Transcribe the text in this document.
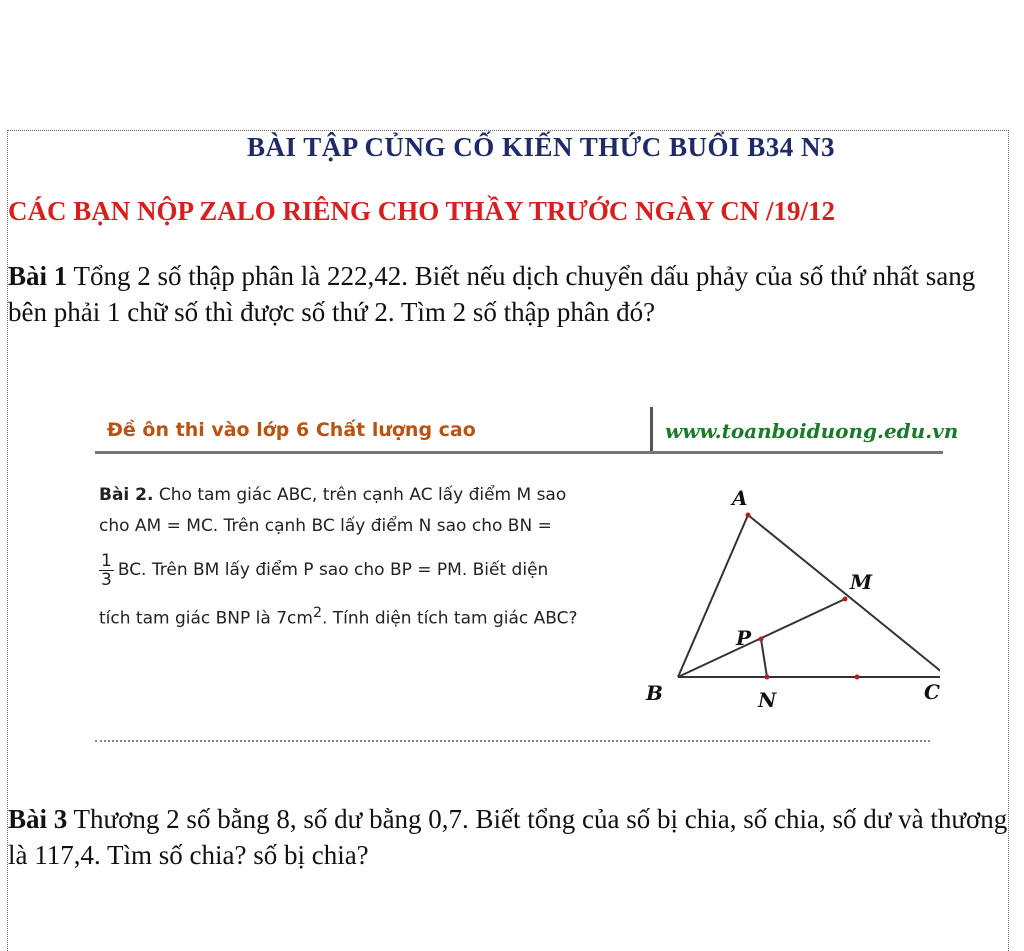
BÀI TẬP CỦNG CỐ KIẾN THỨC BUỔI B34 N3
CÁC BẠN NỘP ZALO RIÊNG CHO THẦY TRƯỚC NGÀY CN /19/12
Bài 1 Tổng 2 số thập phân là 222,42. Biết nếu dịch chuyển dấu phảy của số thứ nhất sang bên phải 1 chữ số thì được số thứ 2. Tìm 2 số thập phân đó?
Đề ôn thi vào lớp 6 Chất lượng cao	www.toanboiduong.edu.vn
Bài 2. Cho tam giác ABC, trên cạnh AC lấy điểm M sao
cho AM = MC. Trên cạnh BC lấy điểm N sao cho BN =
$\frac{1}{3}$ BC. Trên BM lấy điểm P sao cho BP = PM. Biết diện
tích tam giác BNP là $7cm^2$. Tính diện tích tam giác ABC?
A
M
P
B	N	C
Bài 3 Thương 2 số bằng 8, số dư bằng 0,7. Biết tổng của số bị chia, số chia, số dư và thương là 117,4. Tìm số chia? số bị chia?
